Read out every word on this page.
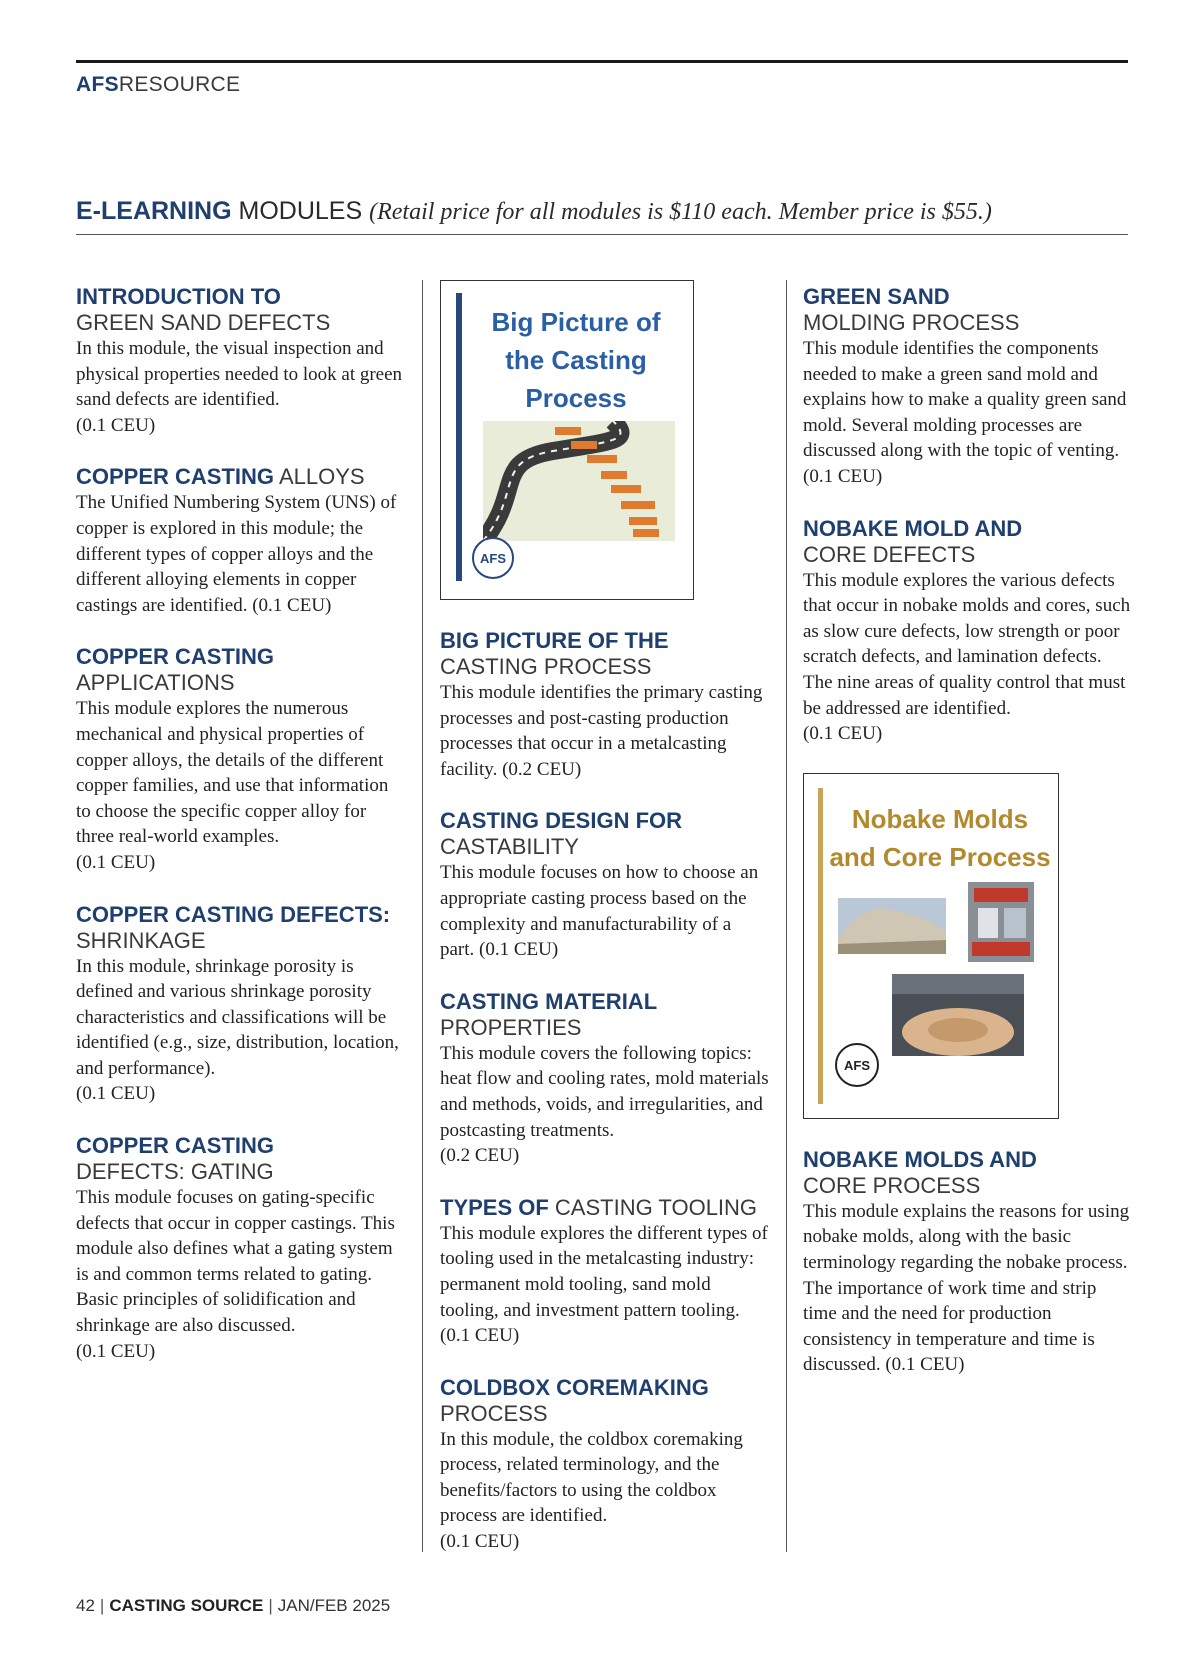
AFSRESOURCE
E-LEARNING MODULES (Retail price for all modules is $110 each. Member price is $55.)
INTRODUCTION TO
GREEN SAND DEFECTS

In this module, the visual inspection and physical properties needed to look at green sand defects are identified.
(0.1 CEU)

COPPER CASTING ALLOYS

The Unified Numbering System (UNS) of copper is explored in this module; the different types of copper alloys and the different alloying elements in copper castings are identified. (0.1 CEU)

COPPER CASTING
APPLICATIONS

This module explores the numerous mechanical and physical properties of copper alloys, the details of the different copper families, and use that information to choose the specific copper alloy for three real-world examples.
(0.1 CEU)

COPPER CASTING DEFECTS: SHRINKAGE

In this module, shrinkage porosity is defined and various shrinkage porosity characteristics and classifications will be identified (e.g., size, distribution, location, and performance).
(0.1 CEU)

COPPER CASTING
DEFECTS: GATING

This module focuses on gating-specific defects that occur in copper castings. This module also defines what a gating system is and common terms related to gating. Basic principles of solidification and shrinkage are also discussed.
(0.1 CEU)

Big Picture of the Casting Process
AFS
BIG PICTURE OF THE
CASTING PROCESS

This module identifies the primary casting processes and post-casting production processes that occur in a metalcasting facility. (0.2 CEU)

CASTING DESIGN FOR
CASTABILITY

This module focuses on how to choose an appropriate casting process based on the complexity and manufacturability of a part. (0.1 CEU)

CASTING MATERIAL
PROPERTIES

This module covers the following topics: heat flow and cooling rates, mold materials and methods, voids, and irregularities, and postcasting treatments.
(0.2 CEU)

TYPES OF CASTING TOOLING

This module explores the different types of tooling used in the metalcasting industry: permanent mold tooling, sand mold tooling, and investment pattern tooling.
(0.1 CEU)

COLDBOX COREMAKING
PROCESS

In this module, the coldbox coremaking process, related terminology, and the benefits/factors to using the coldbox process are identified.
(0.1 CEU)

GREEN SAND
MOLDING PROCESS

This module identifies the components needed to make a green sand mold and explains how to make a quality green sand mold. Several molding processes are discussed along with the topic of venting. (0.1 CEU)

NOBAKE MOLD AND
CORE DEFECTS

This module explores the various defects that occur in nobake molds and cores, such as slow cure defects, low strength or poor scratch defects, and lamination defects. The nine areas of quality control that must be addressed are identified.
(0.1 CEU)

Nobake Molds and Core Process
AFS
NOBAKE MOLDS AND
CORE PROCESS

This module explains the reasons for using nobake molds, along with the basic terminology regarding the nobake process. The importance of work time and strip time and the need for production consistency in temperature and time is discussed. (0.1 CEU)

42 | CASTING SOURCE | JAN/FEB 2025
